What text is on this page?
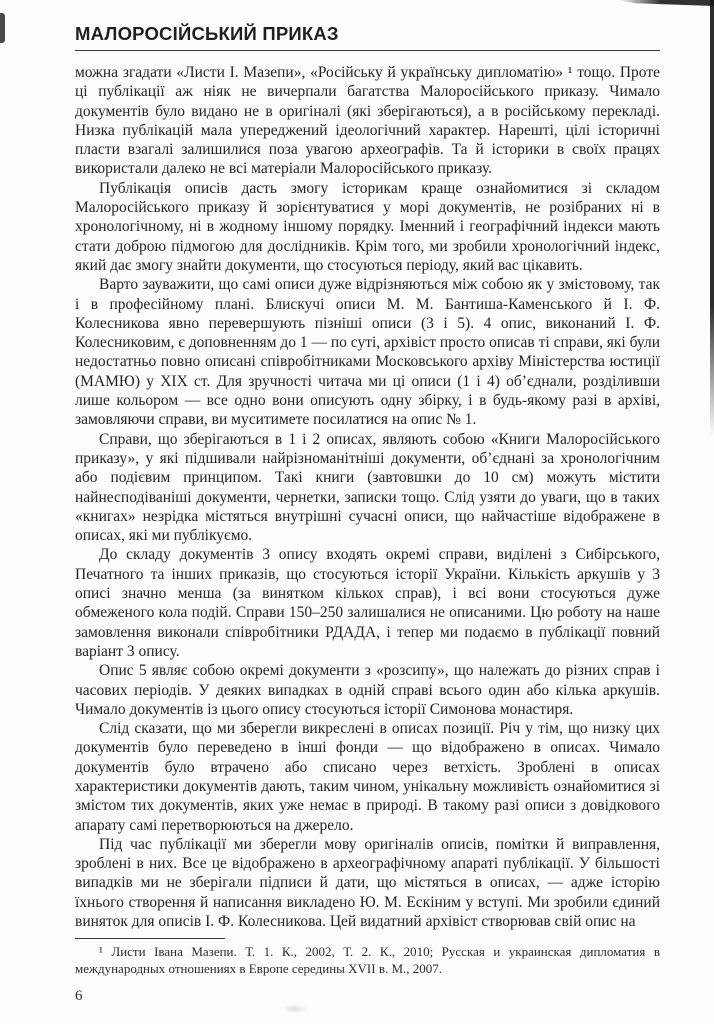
МАЛОРОСІЙСЬКИЙ ПРИКАЗ

можна згадати «Листи І. Мазепи», «Російську й українську дипломатію» ¹ тощо. Проте ці публікації аж ніяк не вичерпали багатства Малоросійського приказу. Чимало документів було видано не в оригіналі (які зберігаються), а в російському перекладі. Низка публікацій мала упереджений ідеологічний характер. Нарешті, цілі історичні пласти взагалі залишилися поза увагою археографів. Та й історики в своїх працях використали далеко не всі матеріали Малоросійського приказу.

Публікація описів дасть змогу історикам краще ознайомитися зі складом Малоросійського приказу й зорієнтуватися у морі документів, не розібраних ні в хронологічному, ні в жодному іншому порядку. Іменний і географічний індекси мають стати доброю підмогою для дослідників. Крім того, ми зробили хронологічний індекс, який дає змогу знайти документи, що стосуються періоду, який вас цікавить.

Варто зауважити, що самі описи дуже відрізняються між собою як у змістовому, так і в професійному плані. Блискучі описи М. М. Бантиша-Каменського й І. Ф. Колесникова явно перевершують пізніші описи (3 і 5). 4 опис, виконаний І. Ф. Колесниковим, є доповненням до 1 — по суті, архівіст просто описав ті справи, які були недостатньо повно описані співробітниками Московського архіву Міністерства юстиції (МАМЮ) у XIX ст. Для зручності читача ми ці описи (1 і 4) об’єднали, розділивши лише кольором — все одно вони описують одну збірку, і в будь-якому разі в архіві, замовляючи справи, ви муситимете посилатися на опис № 1.

Справи, що зберігаються в 1 і 2 описах, являють собою «Книги Малоросійського приказу», у які підшивали найрізноманітніші документи, об’єднані за хронологічним або подієвим принципом. Такі книги (завтовшки до 10 см) можуть містити найнесподіваніші документи, чернетки, записки тощо. Слід узяти до уваги, що в таких «книгах» незрідка містяться внутрішні сучасні описи, що найчастіше відображене в описах, які ми публікуємо.

До складу документів 3 опису входять окремі справи, виділені з Сибірського, Печатного та інших приказів, що стосуються історії України. Кількість аркушів у 3 описі значно менша (за винятком кількох справ), і всі вони стосуються дуже обмеженого кола подій. Справи 150–250 залишалися не описаними. Цю роботу на наше замовлення виконали співробітники РДАДА, і тепер ми подаємо в публікації повний варіант 3 опису.

Опис 5 являє собою окремі документи з «розсипу», що належать до різних справ і часових періодів. У деяких випадках в одній справі всього один або кілька аркушів. Чимало документів із цього опису стосуються історії Симонова монастиря.

Слід сказати, що ми зберегли викреслені в описах позиції. Річ у тім, що низку цих документів було переведено в інші фонди — що відображено в описах. Чимало документів було втрачено або списано через ветхість. Зроблені в описах характеристики документів дають, таким чином, унікальну можливість ознайомитися зі змістом тих документів, яких уже немає в природі. В такому разі описи з довідкового апарату самі перетворюються на джерело.

Під час публікації ми зберегли мову оригіналів описів, помітки й виправлення, зроблені в них. Все це відображено в археографічному апараті публікації. У більшості випадків ми не зберігали підписи й дати, що містяться в описах, — адже історію їхнього створення й написання викладено Ю. М. Ескіним у вступі. Ми зробили єдиний виняток для описів І. Ф. Колесникова. Цей видатний архівіст створював свій опис на

¹ Листи Івана Мазепи. Т. 1. К., 2002, Т. 2. К., 2010; Русская и украинская дипломатия в международных отношениях в Европе середины XVII в. М., 2007.

6
